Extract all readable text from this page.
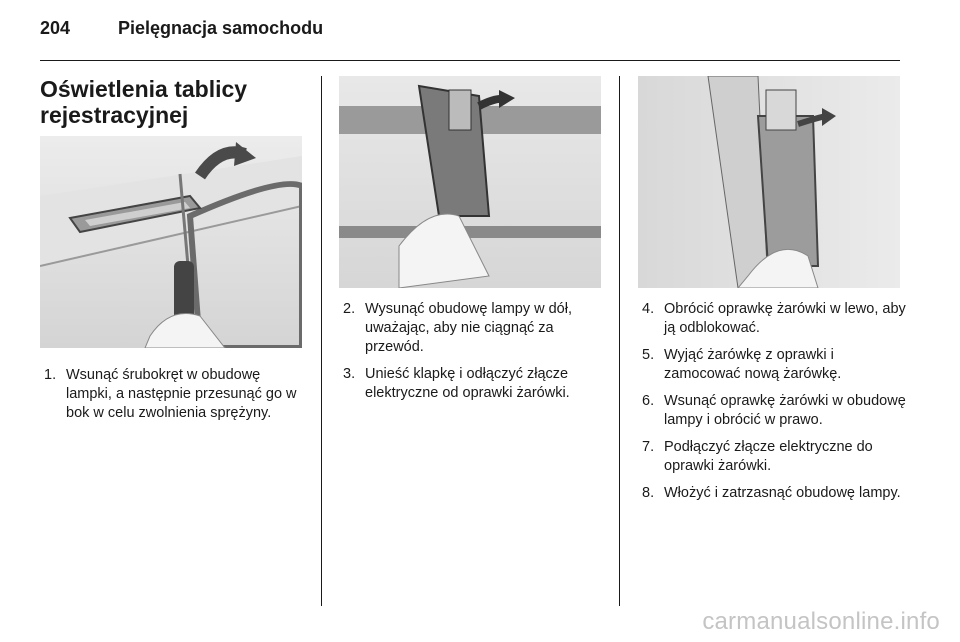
204	Pielęgnacja samochodu
Oświetlenia tablicy
rejestracyjnej
1. Wsunąć śrubokręt w obudowę lampki, a następnie przesunąć go w bok w celu zwolnienia sprężyny.
2. Wysunąć obudowę lampy w dół, uważając, aby nie ciągnąć za przewód.
3. Unieść klapkę i odłączyć złącze elektryczne od oprawki żarówki.
4. Obrócić oprawkę żarówki w lewo, aby ją odblokować.
5. Wyjąć żarówkę z oprawki i zamocować nową żarówkę.
6. Wsunąć oprawkę żarówki w obudowę lampy i obrócić w prawo.
7. Podłączyć złącze elektryczne do oprawki żarówki.
8. Włożyć i zatrzasnąć obudowę lampy.
carmanualsonline.info
